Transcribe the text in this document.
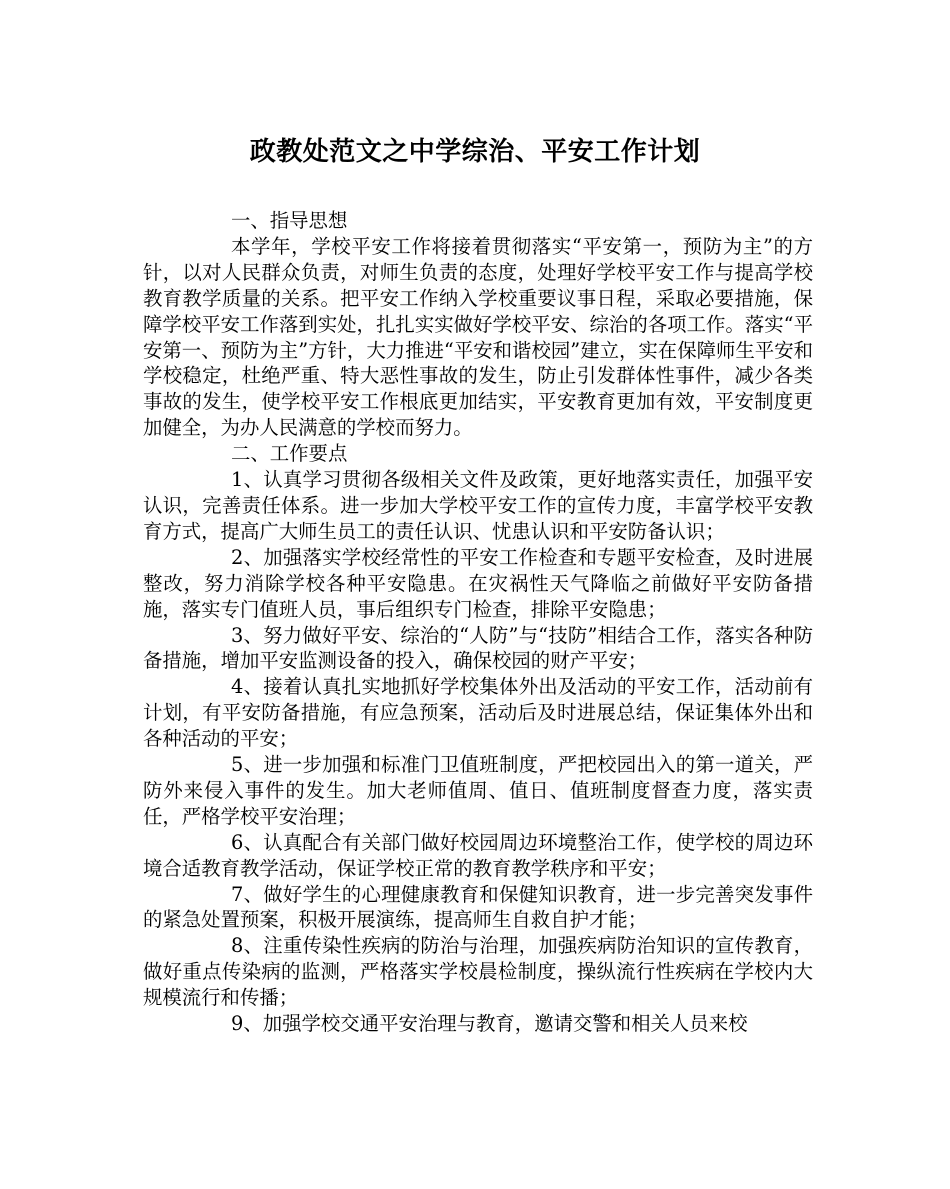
政教处范文之中学综治、平安工作计划

一、指导思想

本学年，学校平安工作将接着贯彻落实“平安第一，预防为主”的方针，以对人民群众负责，对师生负责的态度，处理好学校平安工作与提高学校教育教学质量的关系。把平安工作纳入学校重要议事日程，采取必要措施，保障学校平安工作落到实处，扎扎实实做好学校平安、综治的各项工作。落实“平安第一、预防为主”方针，大力推进“平安和谐校园”建立，实在保障师生平安和学校稳定，杜绝严重、特大恶性事故的发生，防止引发群体性事件，减少各类事故的发生，使学校平安工作根底更加结实，平安教育更加有效，平安制度更加健全，为办人民满意的学校而努力。

二、工作要点

1、认真学习贯彻各级相关文件及政策，更好地落实责任，加强平安认识，完善责任体系。进一步加大学校平安工作的宣传力度，丰富学校平安教育方式，提高广大师生员工的责任认识、忧患认识和平安防备认识；

2、加强落实学校经常性的平安工作检查和专题平安检查，及时进展整改，努力消除学校各种平安隐患。在灾祸性天气降临之前做好平安防备措施，落实专门值班人员，事后组织专门检查，排除平安隐患；

3、努力做好平安、综治的“人防”与“技防”相结合工作，落实各种防备措施，增加平安监测设备的投入，确保校园的财产平安；

4、接着认真扎实地抓好学校集体外出及活动的平安工作，活动前有计划，有平安防备措施，有应急预案，活动后及时进展总结，保证集体外出和各种活动的平安；

5、进一步加强和标准门卫值班制度，严把校园出入的第一道关，严防外来侵入事件的发生。加大老师值周、值日、值班制度督查力度，落实责任，严格学校平安治理；

6、认真配合有关部门做好校园周边环境整治工作，使学校的周边环境合适教育教学活动，保证学校正常的教育教学秩序和平安；

7、做好学生的心理健康教育和保健知识教育，进一步完善突发事件的紧急处置预案，积极开展演练，提高师生自救自护才能；

8、注重传染性疾病的防治与治理，加强疾病防治知识的宣传教育，做好重点传染病的监测，严格落实学校晨检制度，操纵流行性疾病在学校内大规模流行和传播；

9、加强学校交通平安治理与教育，邀请交警和相关人员来校
